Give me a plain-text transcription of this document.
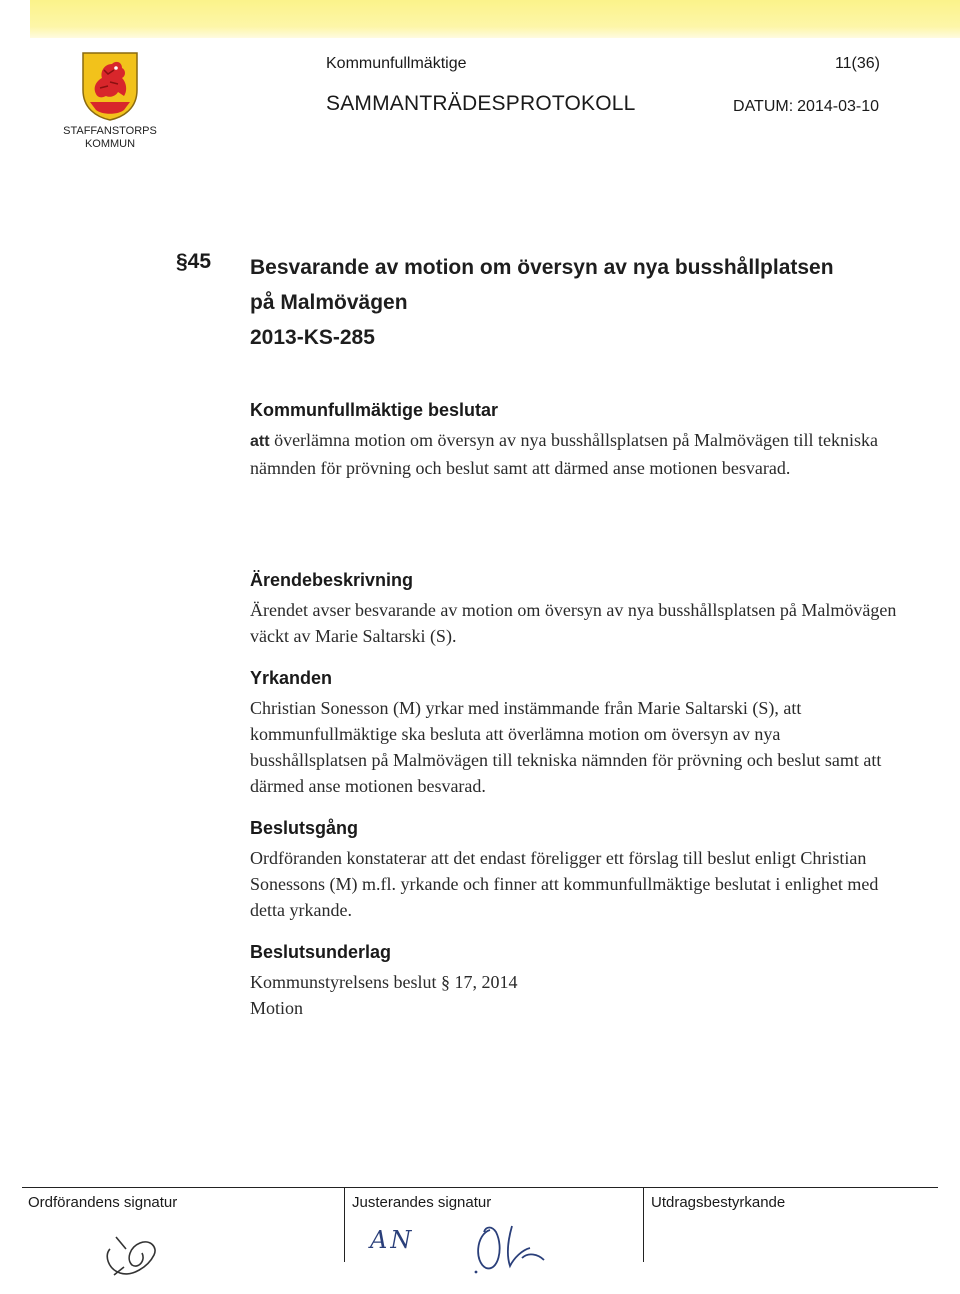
STAFFANSTORPS KOMMUN
Kommunfullmäktige	11(36)
SAMMANTRÄDESPROTOKOLL	DATUM: 2014-03-10
§45 Besvarande av motion om översyn av nya busshållplatsen
på Malmövägen
2013-KS-285
Kommunfullmäktige beslutar

att överlämna motion om översyn av nya busshållsplatsen på Malmövägen till tekniska nämnden för prövning och beslut samt att därmed anse motionen besvarad.

Ärendebeskrivning

Ärendet avser besvarande av motion om översyn av nya busshållsplatsen på Malmövägen väckt av Marie Saltarski (S).

Yrkanden

Christian Sonesson (M) yrkar med instämmande från Marie Saltarski (S), att kommunfullmäktige ska besluta att överlämna motion om översyn av nya busshållsplatsen på Malmövägen till tekniska nämnden för prövning och beslut samt att därmed anse motionen besvarad.

Beslutsgång

Ordföranden konstaterar att det endast föreligger ett förslag till beslut enligt Christian Sonessons (M) m.fl. yrkande och finner att kommunfullmäktige beslutat i enlighet med detta yrkande.

Beslutsunderlag

Kommunstyrelsens beslut § 17, 2014

Motion

Ordförandens signatur	Justerandes signatur	Utdragsbestyrkande
AN
